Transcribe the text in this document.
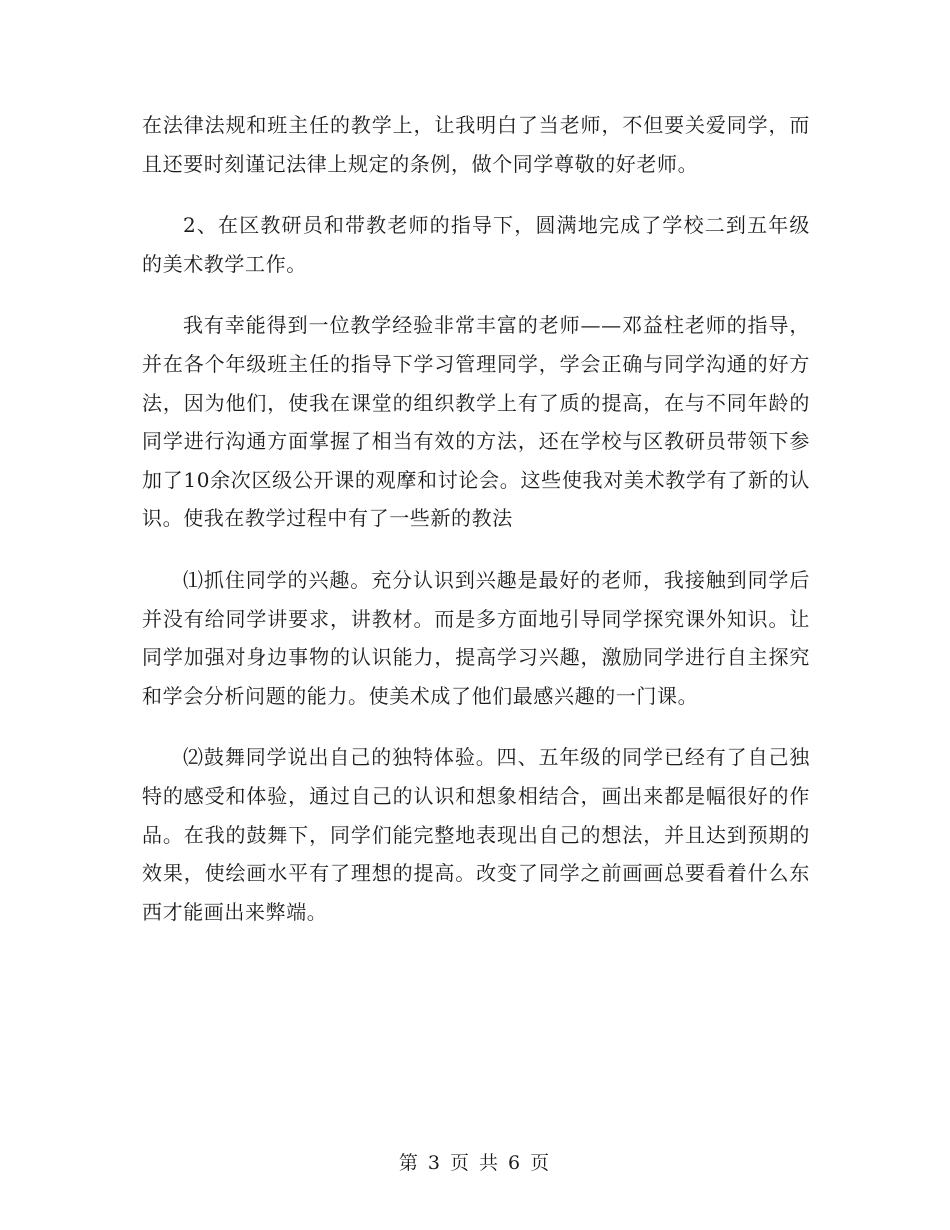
在法律法规和班主任的教学上，让我明白了当老师，不但要关爱同学，而且还要时刻谨记法律上规定的条例，做个同学尊敬的好老师。

2、在区教研员和带教老师的指导下，圆满地完成了学校二到五年级的美术教学工作。

我有幸能得到一位教学经验非常丰富的老师——邓益柱老师的指导，并在各个年级班主任的指导下学习管理同学，学会正确与同学沟通的好方法，因为他们，使我在课堂的组织教学上有了质的提高，在与不同年龄的同学进行沟通方面掌握了相当有效的方法，还在学校与区教研员带领下参加了10余次区级公开课的观摩和讨论会。这些使我对美术教学有了新的认识。使我在教学过程中有了一些新的教法

⑴抓住同学的兴趣。充分认识到兴趣是最好的老师，我接触到同学后并没有给同学讲要求，讲教材。而是多方面地引导同学探究课外知识。让同学加强对身边事物的认识能力，提高学习兴趣，激励同学进行自主探究和学会分析问题的能力。使美术成了他们最感兴趣的一门课。

⑵鼓舞同学说出自己的独特体验。四、五年级的同学已经有了自己独特的感受和体验，通过自己的认识和想象相结合，画出来都是幅很好的作品。在我的鼓舞下，同学们能完整地表现出自己的想法，并且达到预期的效果，使绘画水平有了理想的提高。改变了同学之前画画总要看着什么东西才能画出来弊端。

第 3 页 共 6 页
